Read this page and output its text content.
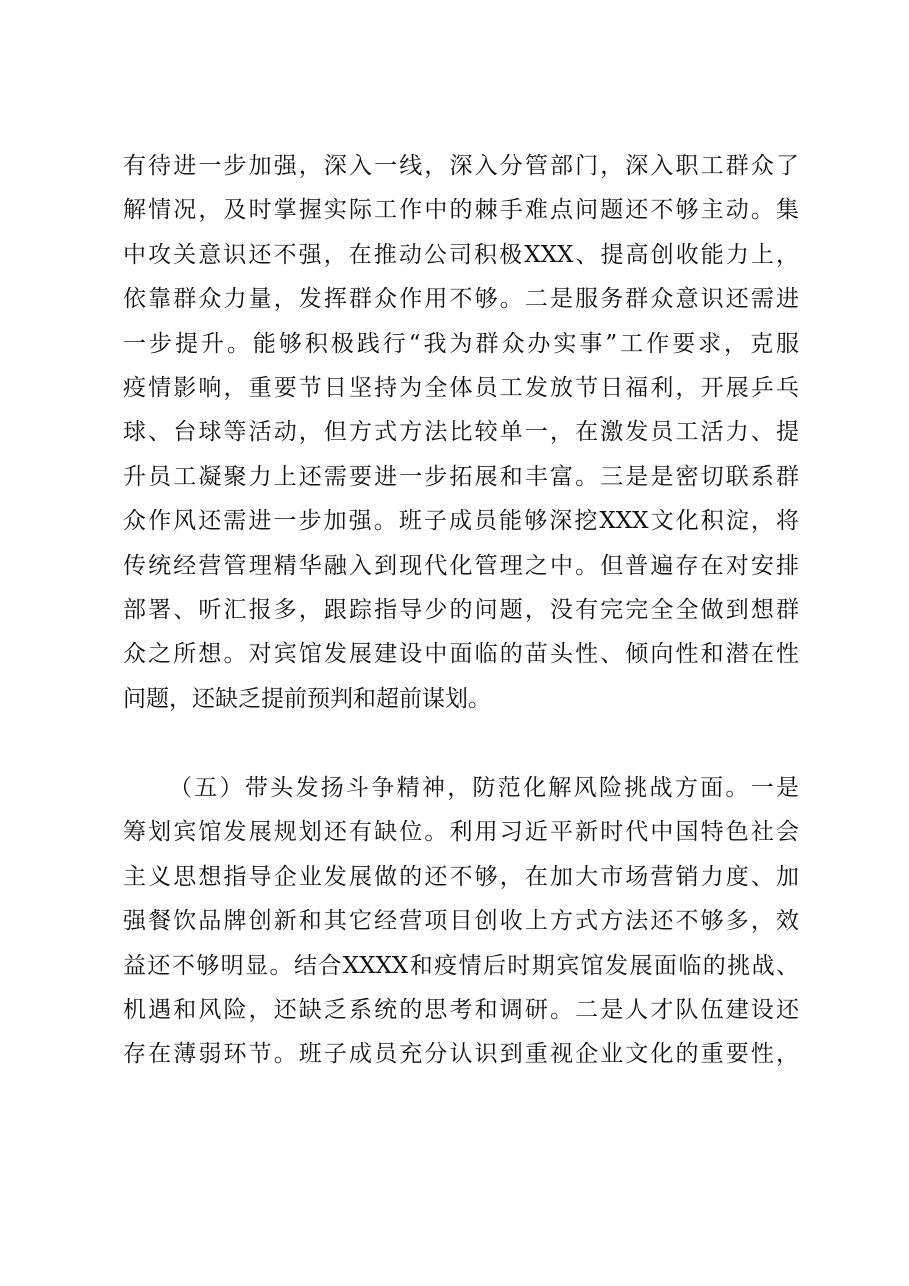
有待进一步加强，深入一线，深入分管部门，深入职工群众了
解情况，及时掌握实际工作中的棘手难点问题还不够主动。集
中攻关意识还不强，在推动公司积极XXX、提高创收能力上，
依靠群众力量，发挥群众作用不够。二是服务群众意识还需进
一步提升。能够积极践行“我为群众办实事”工作要求，克服
疫情影响，重要节日坚持为全体员工发放节日福利，开展乒乓
球、台球等活动，但方式方法比较单一，在激发员工活力、提
升员工凝聚力上还需要进一步拓展和丰富。三是是密切联系群
众作风还需进一步加强。班子成员能够深挖XXX文化积淀，将
传统经营管理精华融入到现代化管理之中。但普遍存在对安排
部署、听汇报多，跟踪指导少的问题，没有完完全全做到想群
众之所想。对宾馆发展建设中面临的苗头性、倾向性和潜在性
问题，还缺乏提前预判和超前谋划。
（五）带头发扬斗争精神，防范化解风险挑战方面。一是
筹划宾馆发展规划还有缺位。利用习近平新时代中国特色社会
主义思想指导企业发展做的还不够，在加大市场营销力度、加
强餐饮品牌创新和其它经营项目创收上方式方法还不够多，效
益还不够明显。结合XXXX和疫情后时期宾馆发展面临的挑战、
机遇和风险，还缺乏系统的思考和调研。二是人才队伍建设还
存在薄弱环节。班子成员充分认识到重视企业文化的重要性，
